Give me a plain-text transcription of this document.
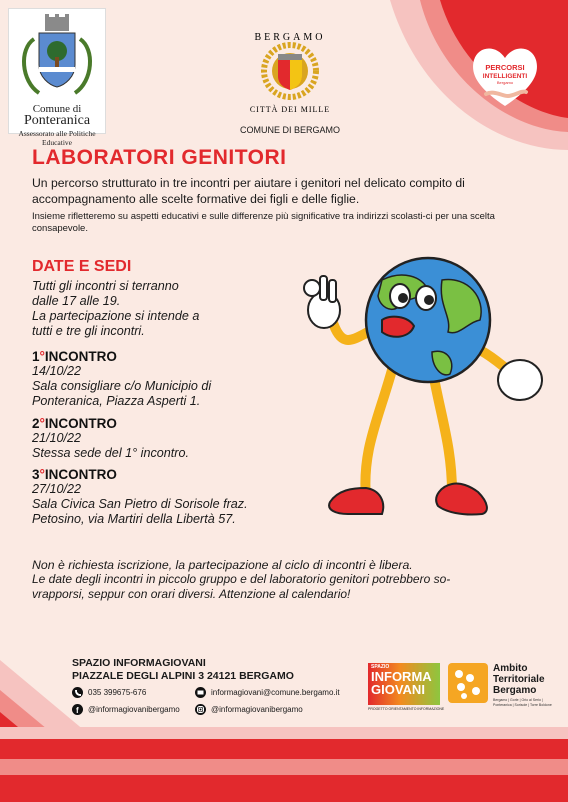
Comune di
Ponteranica
Assessorato alle Politiche Educative
BERGAMO
CITTÀ DEI MILLE
COMUNE DI BERGAMO
PERCORSI
INTELLIGENTI
Bergamo
LABORATORI GENITORI
Un percorso strutturato in tre incontri per aiutare i genitori nel delicato compito di accompagnamento alle scelte formative dei figli e delle figlie.
Insieme rifletteremo su aspetti educativi e sulle differenze più significative tra indirizzi scolasti-ci per una scelta consapevole.
DATE E SEDI
Tutti gli incontri si terranno
dalle 17 alle 19.
La partecipazione si intende a
tutti e tre gli incontri.
1°INCONTRO
14/10/22
Sala consigliare c/o Municipio di
Ponteranica, Piazza Asperti 1.
2°INCONTRO
21/10/22
Stessa sede del 1° incontro.
3°INCONTRO
27/10/22
Sala Civica San Pietro di Sorisole fraz.
Petosino, via Martiri della Libertà 57.
Non è richiesta iscrizione, la partecipazione al ciclo di incontri è libera.
Le date degli incontri in piccolo gruppo e del laboratorio genitori potrebbero so-
vrapporsi, seppur con orari diversi. Attenzione al calendario!
SPAZIO INFORMAGIOVANI
PIAZZALE DEGLI ALPINI 3 24121 BERGAMO
035 399675-676	informagiovani@comune.bergamo.it
f @informagiovanibergamo	@informagiovanibergamo
SPAZIO
INFORMA
GIOVANI
PROGETTO ORIENTAMENTO INFORMAZIONE
Ambito
Territoriale
Bergamo
Bergamo | Gorle | Orio al Serio | Ponteranica | Sorisole | Torre Boldone
